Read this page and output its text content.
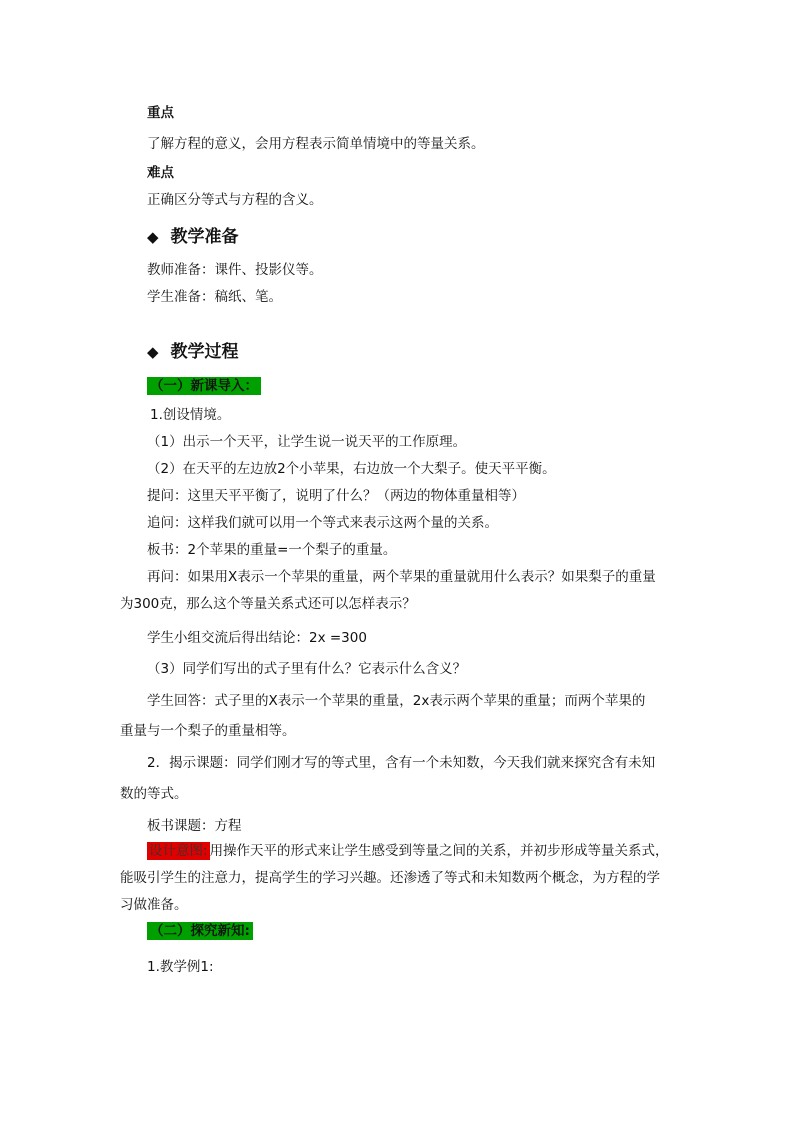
重点
了解方程的意义，会用方程表示简单情境中的等量关系。
难点
正确区分等式与方程的含义。
◆ 教学准备
教师准备：课件、投影仪等。
学生准备：稿纸、笔。
◆ 教学过程
（一）新课导入：
1.创设情境。
（1）出示一个天平，让学生说一说天平的工作原理。
（2）在天平的左边放2个小苹果，右边放一个大梨子。使天平平衡。
提问：这里天平平衡了，说明了什么？（两边的物体重量相等）
追问：这样我们就可以用一个等式来表示这两个量的关系。
板书：2个苹果的重量=一个梨子的重量。
再问：如果用X表示一个苹果的重量，两个苹果的重量就用什么表示？如果梨子的重量
为300克，那么这个等量关系式还可以怎样表示？
学生小组交流后得出结论：2x =300
（3）同学们写出的式子里有什么？它表示什么含义？
学生回答：式子里的X表示一个苹果的重量，2x表示两个苹果的重量；而两个苹果的
重量与一个梨子的重量相等。
2．揭示课题：同学们刚才写的等式里，含有一个未知数，今天我们就来探究含有未知
数的等式。
板书课题：方程
设计意图: 用操作天平的形式来让学生感受到等量之间的关系，并初步形成等量关系式，
能吸引学生的注意力，提高学生的学习兴趣。还渗透了等式和未知数两个概念，为方程的学
习做准备。
（二）探究新知:
1.教学例1:
